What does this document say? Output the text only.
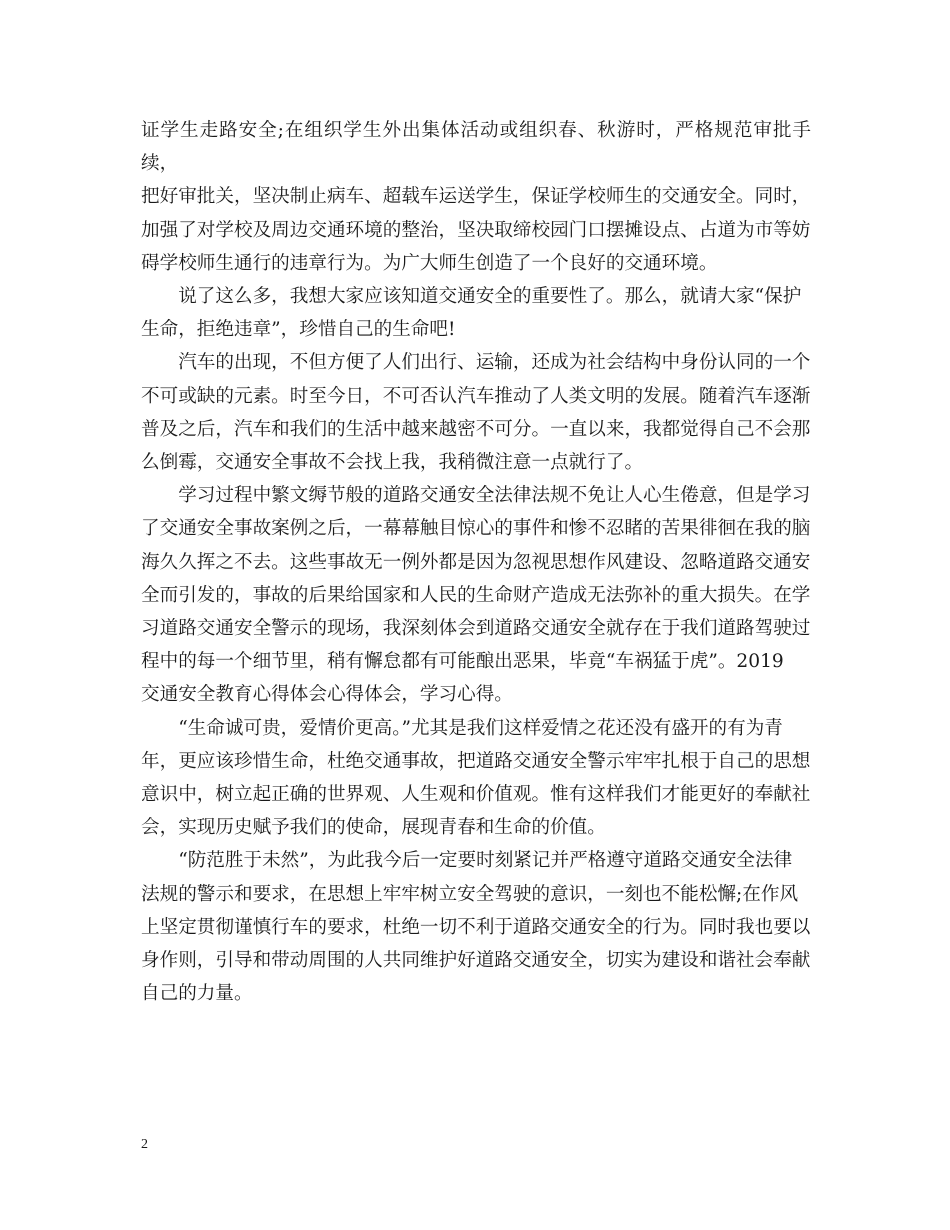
证学生走路安全;在组织学生外出集体活动或组织春、秋游时，严格规范审批手续，
把好审批关，坚决制止病车、超载车运送学生，保证学校师生的交通安全。同时，
加强了对学校及周边交通环境的整治，坚决取缔校园门口摆摊设点、占道为市等妨
碍学校师生通行的违章行为。为广大师生创造了一个良好的交通环境。

　　说了这么多，我想大家应该知道交通安全的重要性了。那么，就请大家“保护
生命，拒绝违章”，珍惜自己的生命吧!

　　汽车的出现，不但方便了人们出行、运输，还成为社会结构中身份认同的一个
不可或缺的元素。时至今日，不可否认汽车推动了人类文明的发展。随着汽车逐渐
普及之后，汽车和我们的生活中越来越密不可分。一直以来，我都觉得自己不会那
么倒霉，交通安全事故不会找上我，我稍微注意一点就行了。

　　学习过程中繁文缛节般的道路交通安全法律法规不免让人心生倦意，但是学习
了交通安全事故案例之后，一幕幕触目惊心的事件和惨不忍睹的苦果徘徊在我的脑
海久久挥之不去。这些事故无一例外都是因为忽视思想作风建设、忽略道路交通安
全而引发的，事故的后果给国家和人民的生命财产造成无法弥补的重大损失。在学
习道路交通安全警示的现场，我深刻体会到道路交通安全就存在于我们道路驾驶过
程中的每一个细节里，稍有懈怠都有可能酿出恶果，毕竟“车祸猛于虎”。2019
交通安全教育心得体会心得体会，学习心得。

　　“生命诚可贵，爱情价更高。”尤其是我们这样爱情之花还没有盛开的有为青
年，更应该珍惜生命，杜绝交通事故，把道路交通安全警示牢牢扎根于自己的思想
意识中，树立起正确的世界观、人生观和价值观。惟有这样我们才能更好的奉献社
会，实现历史赋予我们的使命，展现青春和生命的价值。

　　“防范胜于未然”，为此我今后一定要时刻紧记并严格遵守道路交通安全法律
法规的警示和要求，在思想上牢牢树立安全驾驶的意识，一刻也不能松懈;在作风
上坚定贯彻谨慎行车的要求，杜绝一切不利于道路交通安全的行为。同时我也要以
身作则，引导和带动周围的人共同维护好道路交通安全，切实为建设和谐社会奉献
自己的力量。

2
